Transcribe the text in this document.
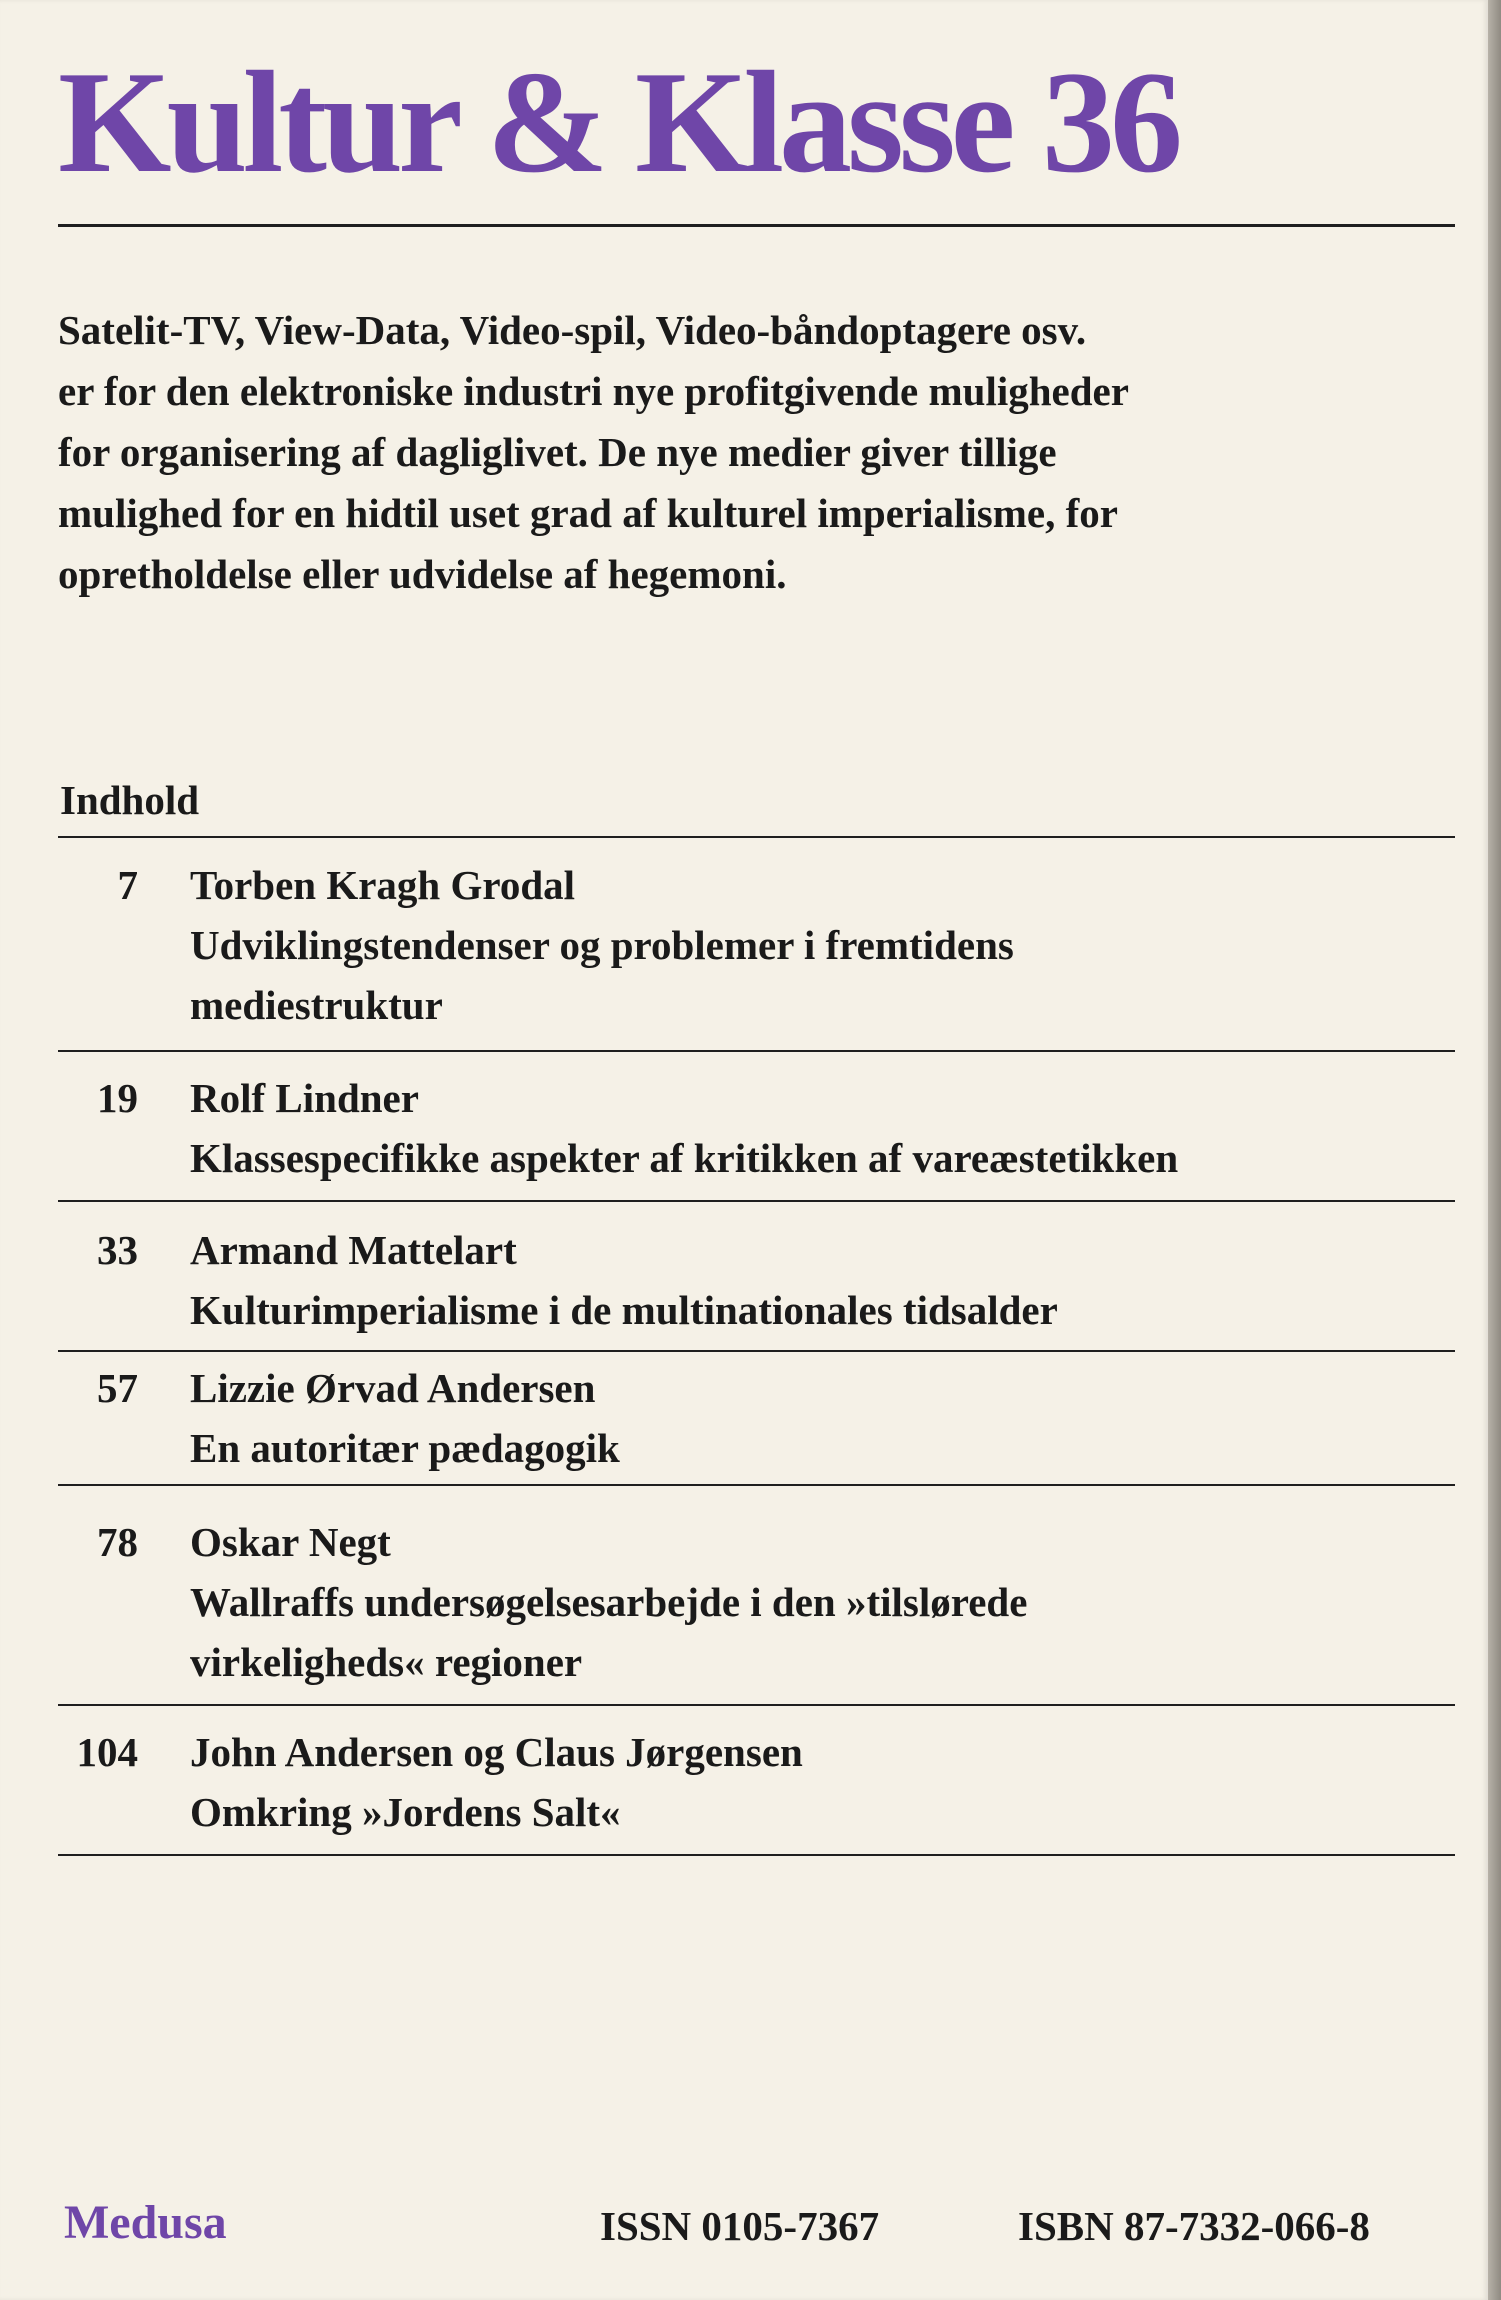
Kultur & Klasse 36

Satelit-TV, View-Data, Video-spil, Video-båndoptagere osv.
er for den elektroniske industri nye profitgivende muligheder
for organisering af dagliglivet. De nye medier giver tillige
mulighed for en hidtil uset grad af kulturel imperialisme, for
opretholdelse eller udvidelse af hegemoni.

Indhold
7 Torben Kragh Grodal
Udviklingstendenser og problemer i fremtidens
mediestruktur
19 Rolf Lindner
Klassespecifikke aspekter af kritikken af vareæstetikken
33 Armand Mattelart
Kulturimperialisme i de multinationales tidsalder
57 Lizzie Ørvad Andersen
En autoritær pædagogik
78 Oskar Negt
Wallraffs undersøgelsesarbejde i den »tilslørede
virkeligheds« regioner
104 John Andersen og Claus Jørgensen
Omkring »Jordens Salt«
Medusa	ISSN 0105-7367	ISBN 87-7332-066-8
